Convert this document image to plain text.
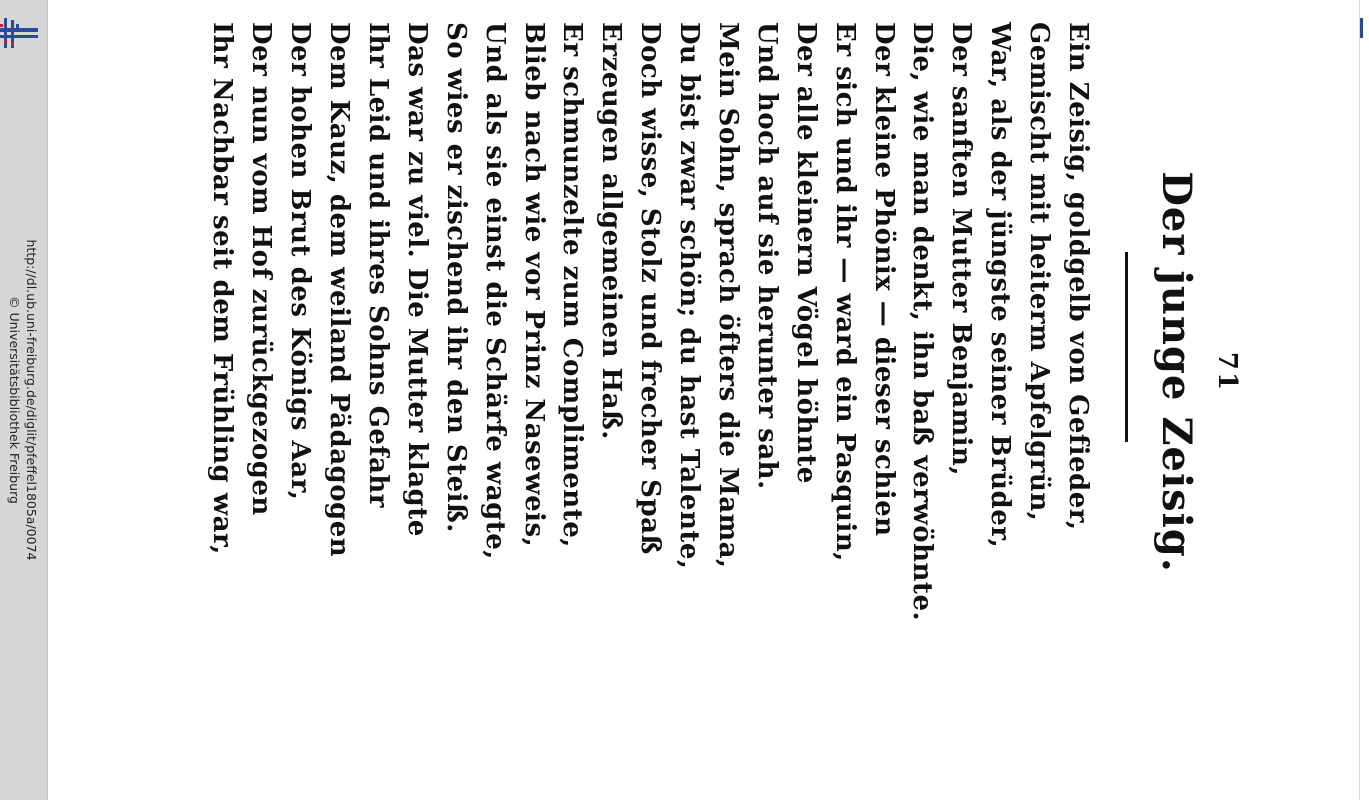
http://dl.ub.uni-freiburg.de/diglit/pfeffel1805a/0074
© Universitätsbibliothek Freiburg	71
Der junge Zeisig.
Ein Zeisig, goldgelb von Gefieder,
Gemischt mit heiterm Apfelgrün,
War, als der jüngste seiner Brüder,
Der sanften Mutter Benjamin,
Die, wie man denkt, ihn baß verwöhnte.
Der kleine Phönix — dieser schien
Er sich und ihr — ward ein Pasquin,
Der alle kleinern Vögel höhnte
Und hoch auf sie herunter sah.
Mein Sohn, sprach öfters die Mama,
Du bist zwar schön; du hast Talente,
Doch wisse, Stolz und frecher Spaß
Erzeugen allgemeinen Haß.
Er schmunzelte zum Complimente,
Blieb nach wie vor Prinz Naseweis,
Und als sie einst die Schärfe wagte,
So wies er zischend ihr den Steiß.
Das war zu viel. Die Mutter klagte
Ihr Leid und ihres Sohns Gefahr
Dem Kauz, dem weiland Pädagogen
Der hohen Brut des Königs Aar,
Der nun vom Hof zurückgezogen
Ihr Nachbar seit dem Frühling war,
